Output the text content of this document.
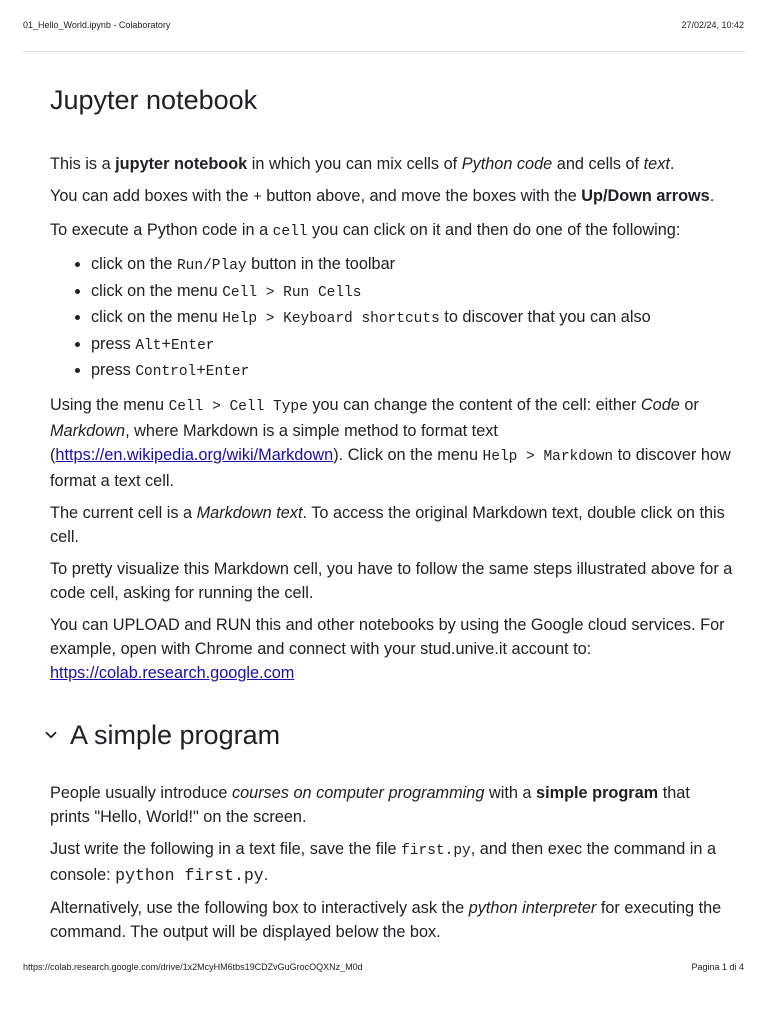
01_Hello_World.ipynb - Colaboratory	27/02/24, 10:42
Jupyter notebook

This is a jupyter notebook in which you can mix cells of Python code and cells of text.

You can add boxes with the + button above, and move the boxes with the Up/Down arrows.

To execute a Python code in a cell you can click on it and then do one of the following:

• click on the Run/Play button in the toolbar
• click on the menu Cell > Run Cells
• click on the menu Help > Keyboard shortcuts to discover that you can also
• press Alt+Enter
• press Control+Enter

Using the menu Cell > Cell Type you can change the content of the cell: either Code or Markdown, where Markdown is a simple method to format text (https://en.wikipedia.org/wiki/Markdown). Click on the menu Help > Markdown to discover how format a text cell.

The current cell is a Markdown text. To access the original Markdown text, double click on this cell.

To pretty visualize this Markdown cell, you have to follow the same steps illustrated above for a code cell, asking for running the cell.

You can UPLOAD and RUN this and other notebooks by using the Google cloud services. For example, open with Chrome and connect with your stud.unive.it account to: https://colab.research.google.com

A simple program

People usually introduce courses on computer programming with a simple program that prints "Hello, World!" on the screen.

Just write the following in a text file, save the file first.py, and then exec the command in a console: python first.py.

Alternatively, use the following box to interactively ask the python interpreter for executing the command. The output will be displayed below the box.

https://colab.research.google.com/drive/1x2McyHM6tbs19CDZvGuGrocOQXNz_M0d	Pagina 1 di 4
